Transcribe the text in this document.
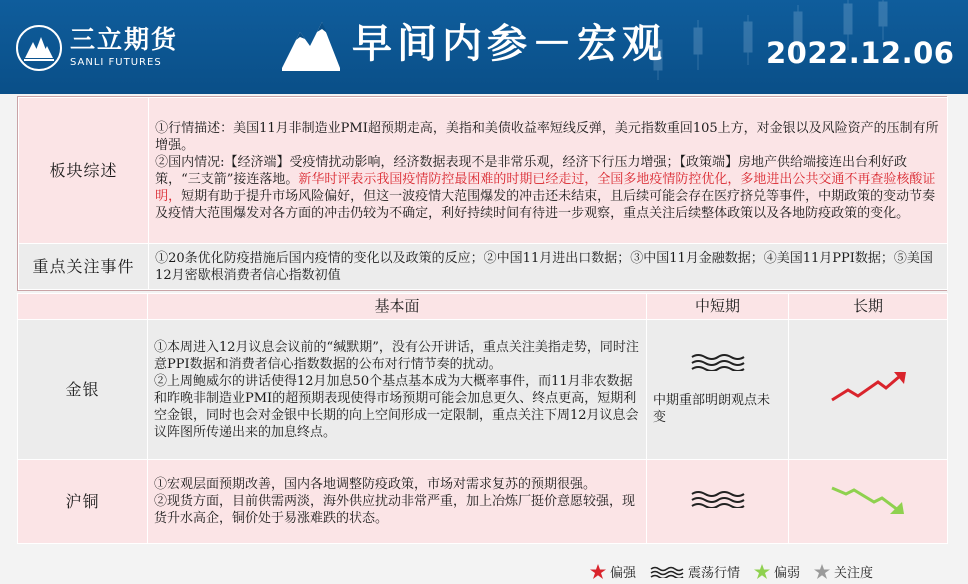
三立期货
SANLI FUTURES	早间内参－宏观	2022.12.06
板块综述	①行情描述：美国11月非制造业PMI超预期走高，美指和美债收益率短线反弹，美元指数重回105上方，对金银以及风险资产的压制有所增强。

②国内情况:【经济端】受疫情扰动影响，经济数据表现不是非常乐观，经济下行压力增强；【政策端】房地产供给端接连出台利好政策，“三支箭”接连落地。新华时评表示我国疫情防控最困难的时期已经走过，全国多地疫情防控优化，多地进出公共交通不再查验核酸证明，短期有助于提升市场风险偏好，但这一波疫情大范围爆发的冲击还未结束，且后续可能会存在医疗挤兑等事件，中期政策的变动节奏及疫情大范围爆发对各方面的冲击仍较为不确定，利好持续时间有待进一步观察，重点关注后续整体政策以及各地防疫政策的变化。

重点关注事件	①20条优化防疫措施后国内疫情的变化以及政策的反应；②中国11月进出口数据；③中国11月金融数据；④美国11月PPI数据；⑤美国12月密歇根消费者信心指数初值
	基本面	中短期	长期
金银	①本周进入12月议息会议前的“缄默期”，没有公开讲话，重点关注美指走势，同时注意PPI数据和消费者信心指数数据的公布对行情节奏的扰动。

②上周鲍威尔的讲话使得12月加息50个基点基本成为大概率事件，而11月非农数据和昨晚非制造业PMI的超预期表现使得市场预期可能会加息更久、终点更高，短期利空金银，同时也会对金银中长期的向上空间形成一定限制，重点关注下周12月议息会议阵图所传递出来的加息终点。	中期重部明朗观点未变

沪铜	①宏观层面预期改善，国内各地调整防疫政策，市场对需求复苏的预期很强。

②现货方面，目前供需两淡，海外供应扰动非常严重，加上冶炼厂挺价意愿较强，现货升水高企，铜价处于易涨难跌的状态。

偏强	震荡行情	偏弱	关注度
